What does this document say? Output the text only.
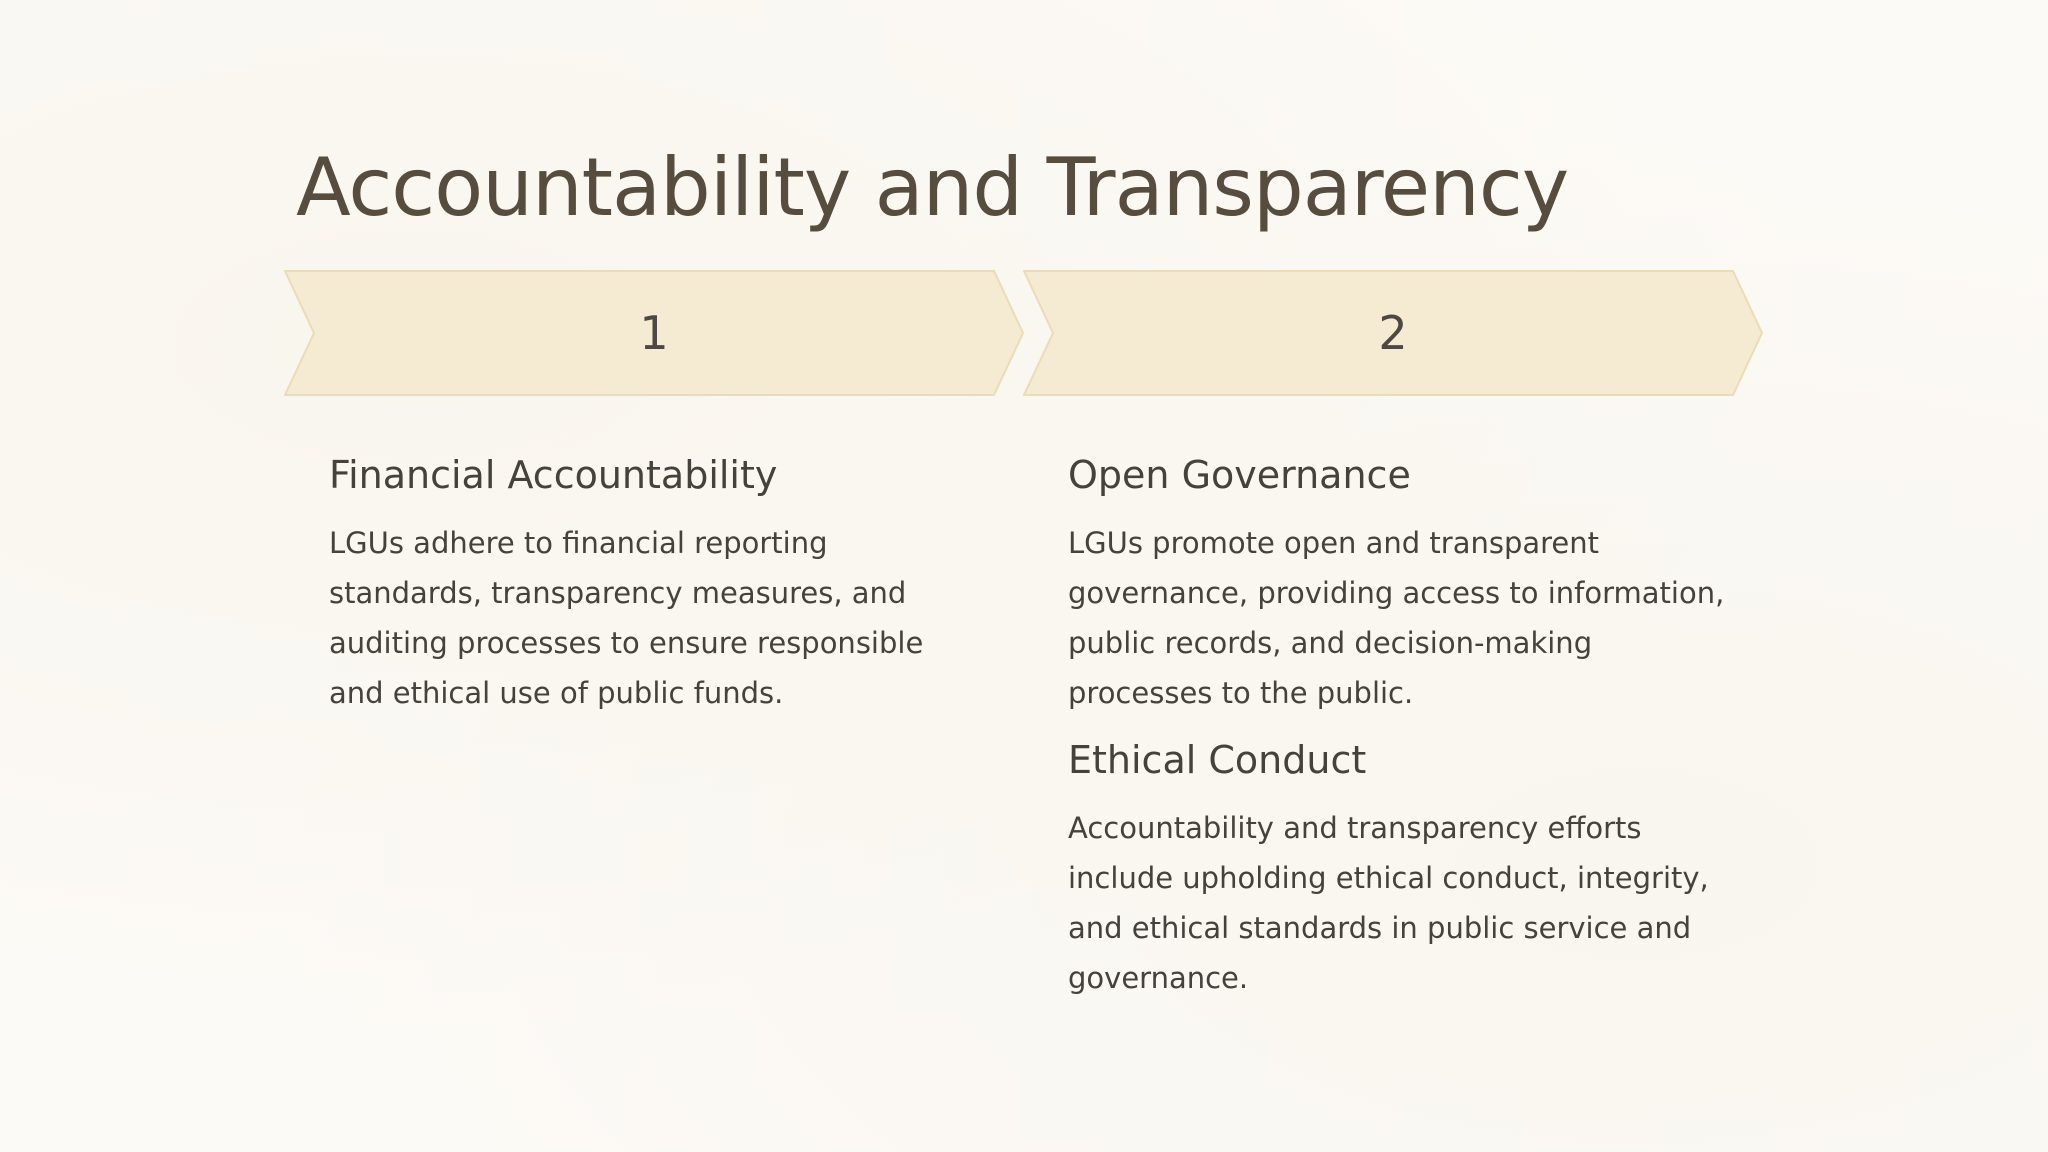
Accountability and Transparency
1	2
Financial Accountability

LGUs adhere to financial reporting standards, transparency measures, and auditing processes to ensure responsible and ethical use of public funds.

Open Governance

LGUs promote open and transparent governance, providing access to information, public records, and decision-making processes to the public.

Ethical Conduct

Accountability and transparency efforts include upholding ethical conduct, integrity, and ethical standards in public service and governance.
